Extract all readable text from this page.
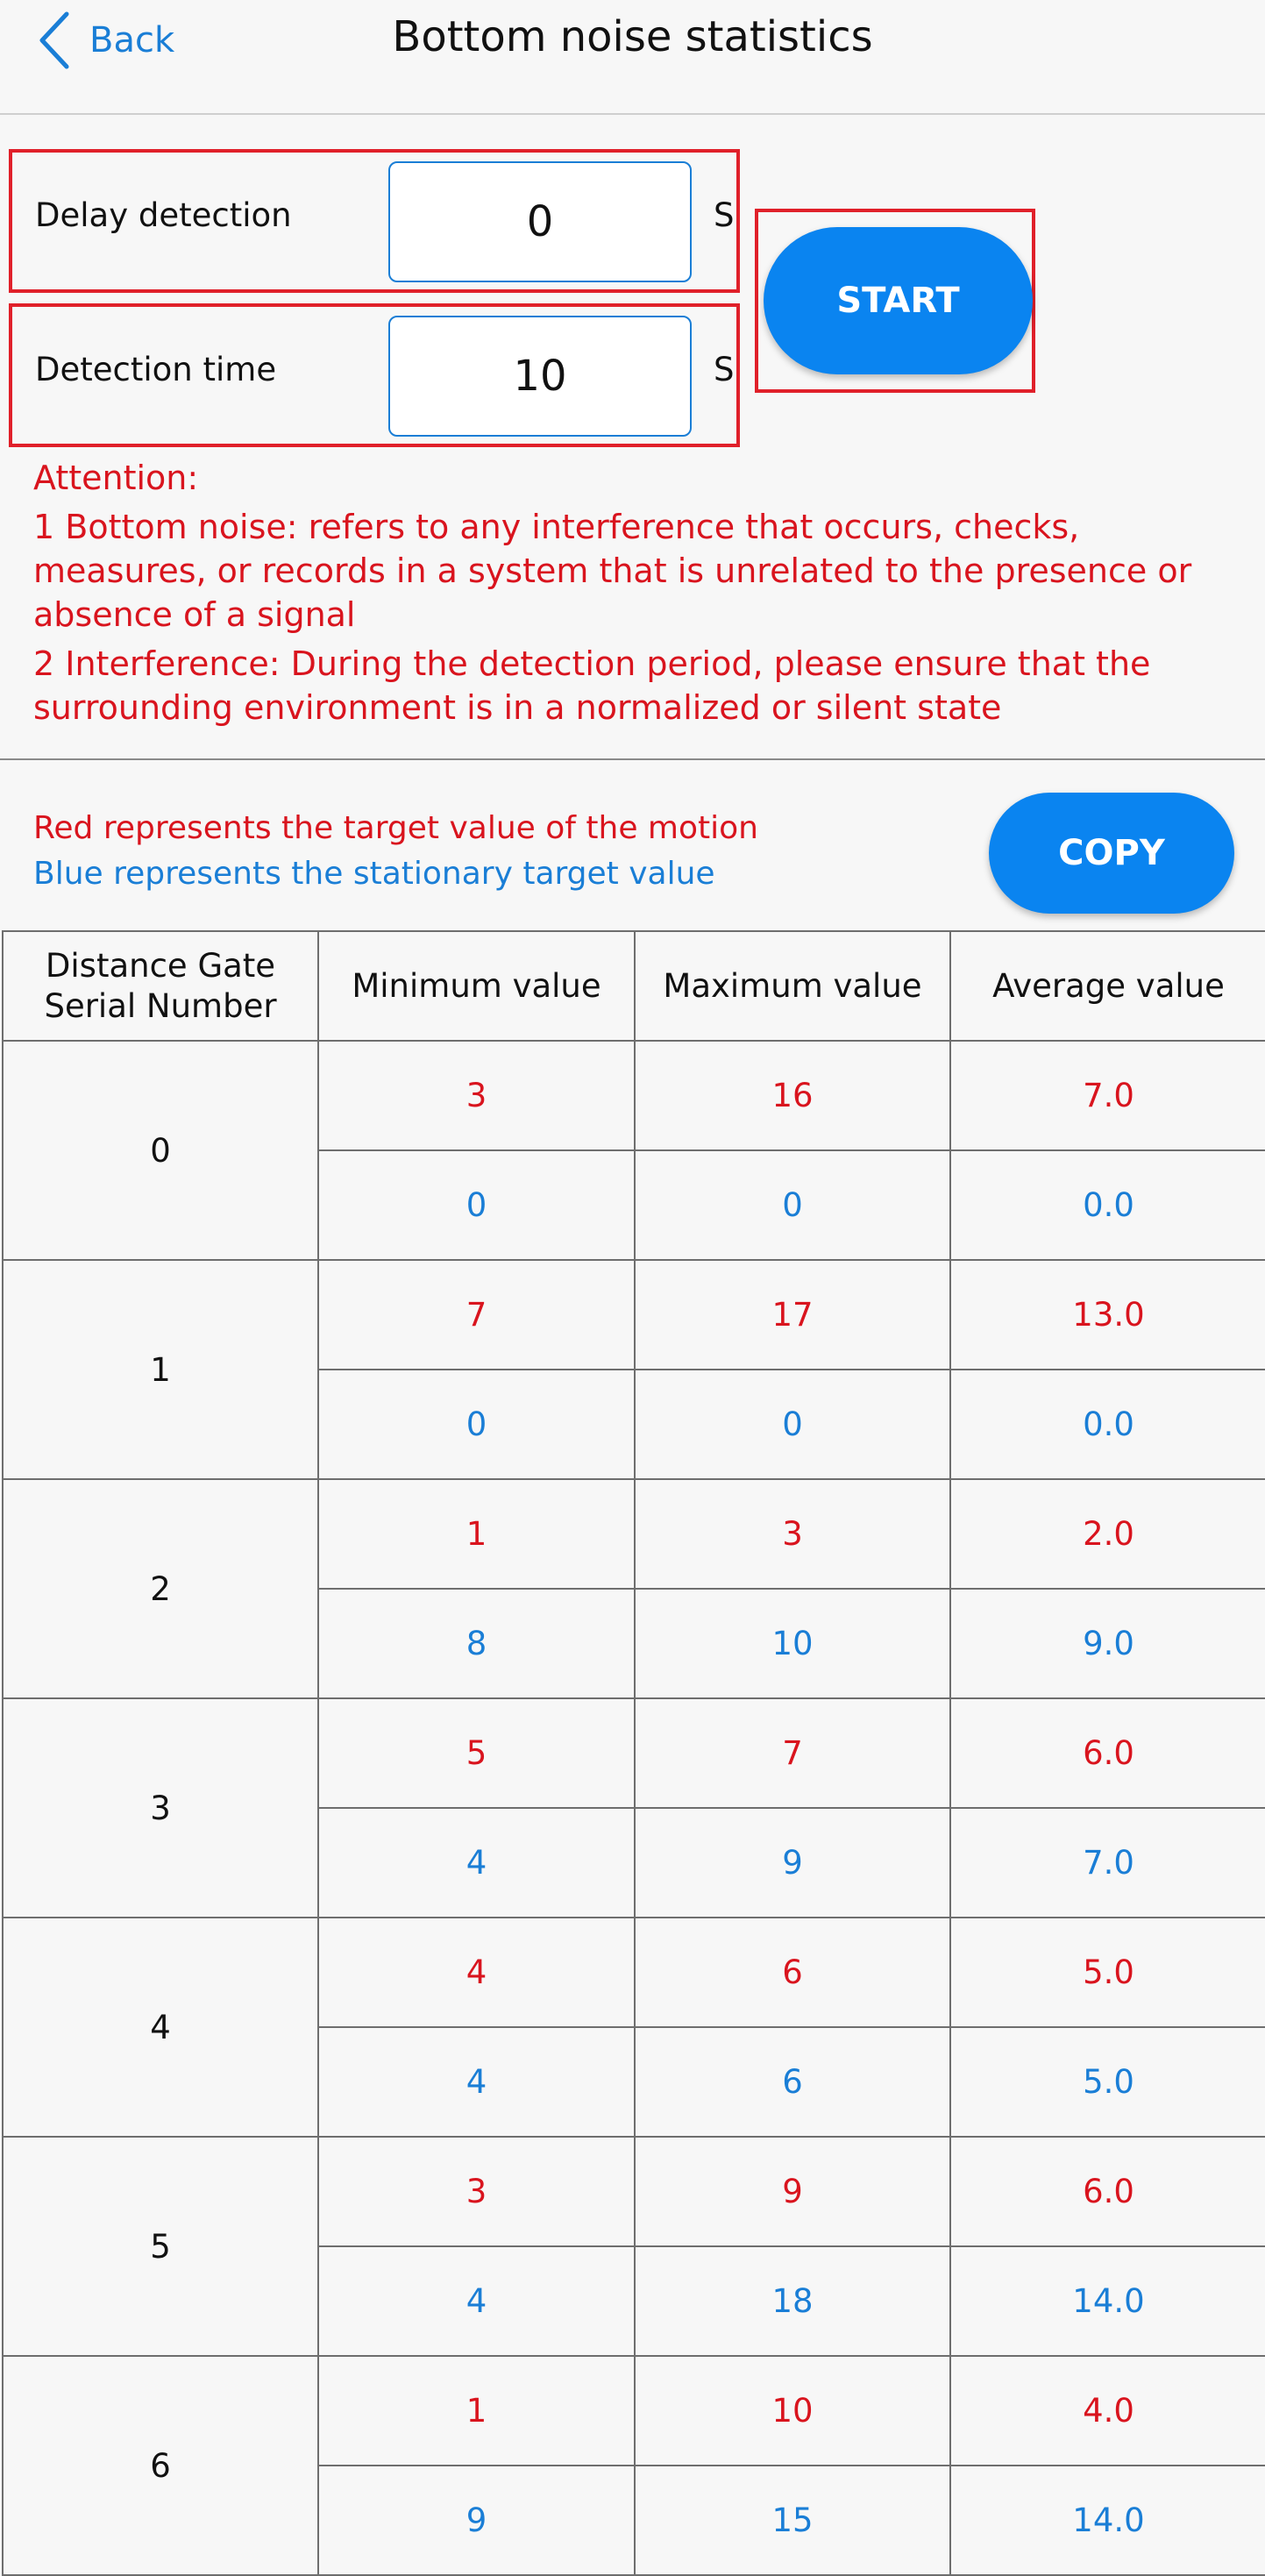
Back	Bottom noise statistics
Delay detection
0	S
Detection time
10	S
START

Attention:

1 Bottom noise: refers to any interference that occurs, checks, measures, or records in a system that is unrelated to the presence or absence of a signal

2 Interference: During the detection period, please ensure that the surrounding environment is in a normalized or silent state

Red represents the target value of the motion
Blue represents the stationary target value
COPY
Distance Gate Serial Number	Minimum value	Maximum value	Average value
0	3	16	7.0
	0	0	0.0
1	7	17	13.0
	0	0	0.0
2	1	3	2.0
	8	10	9.0
3	5	7	6.0
	4	9	7.0
4	4	6	5.0
	4	6	5.0
5	3	9	6.0
	4	18	14.0
6	1	10	4.0
	9	15	14.0
